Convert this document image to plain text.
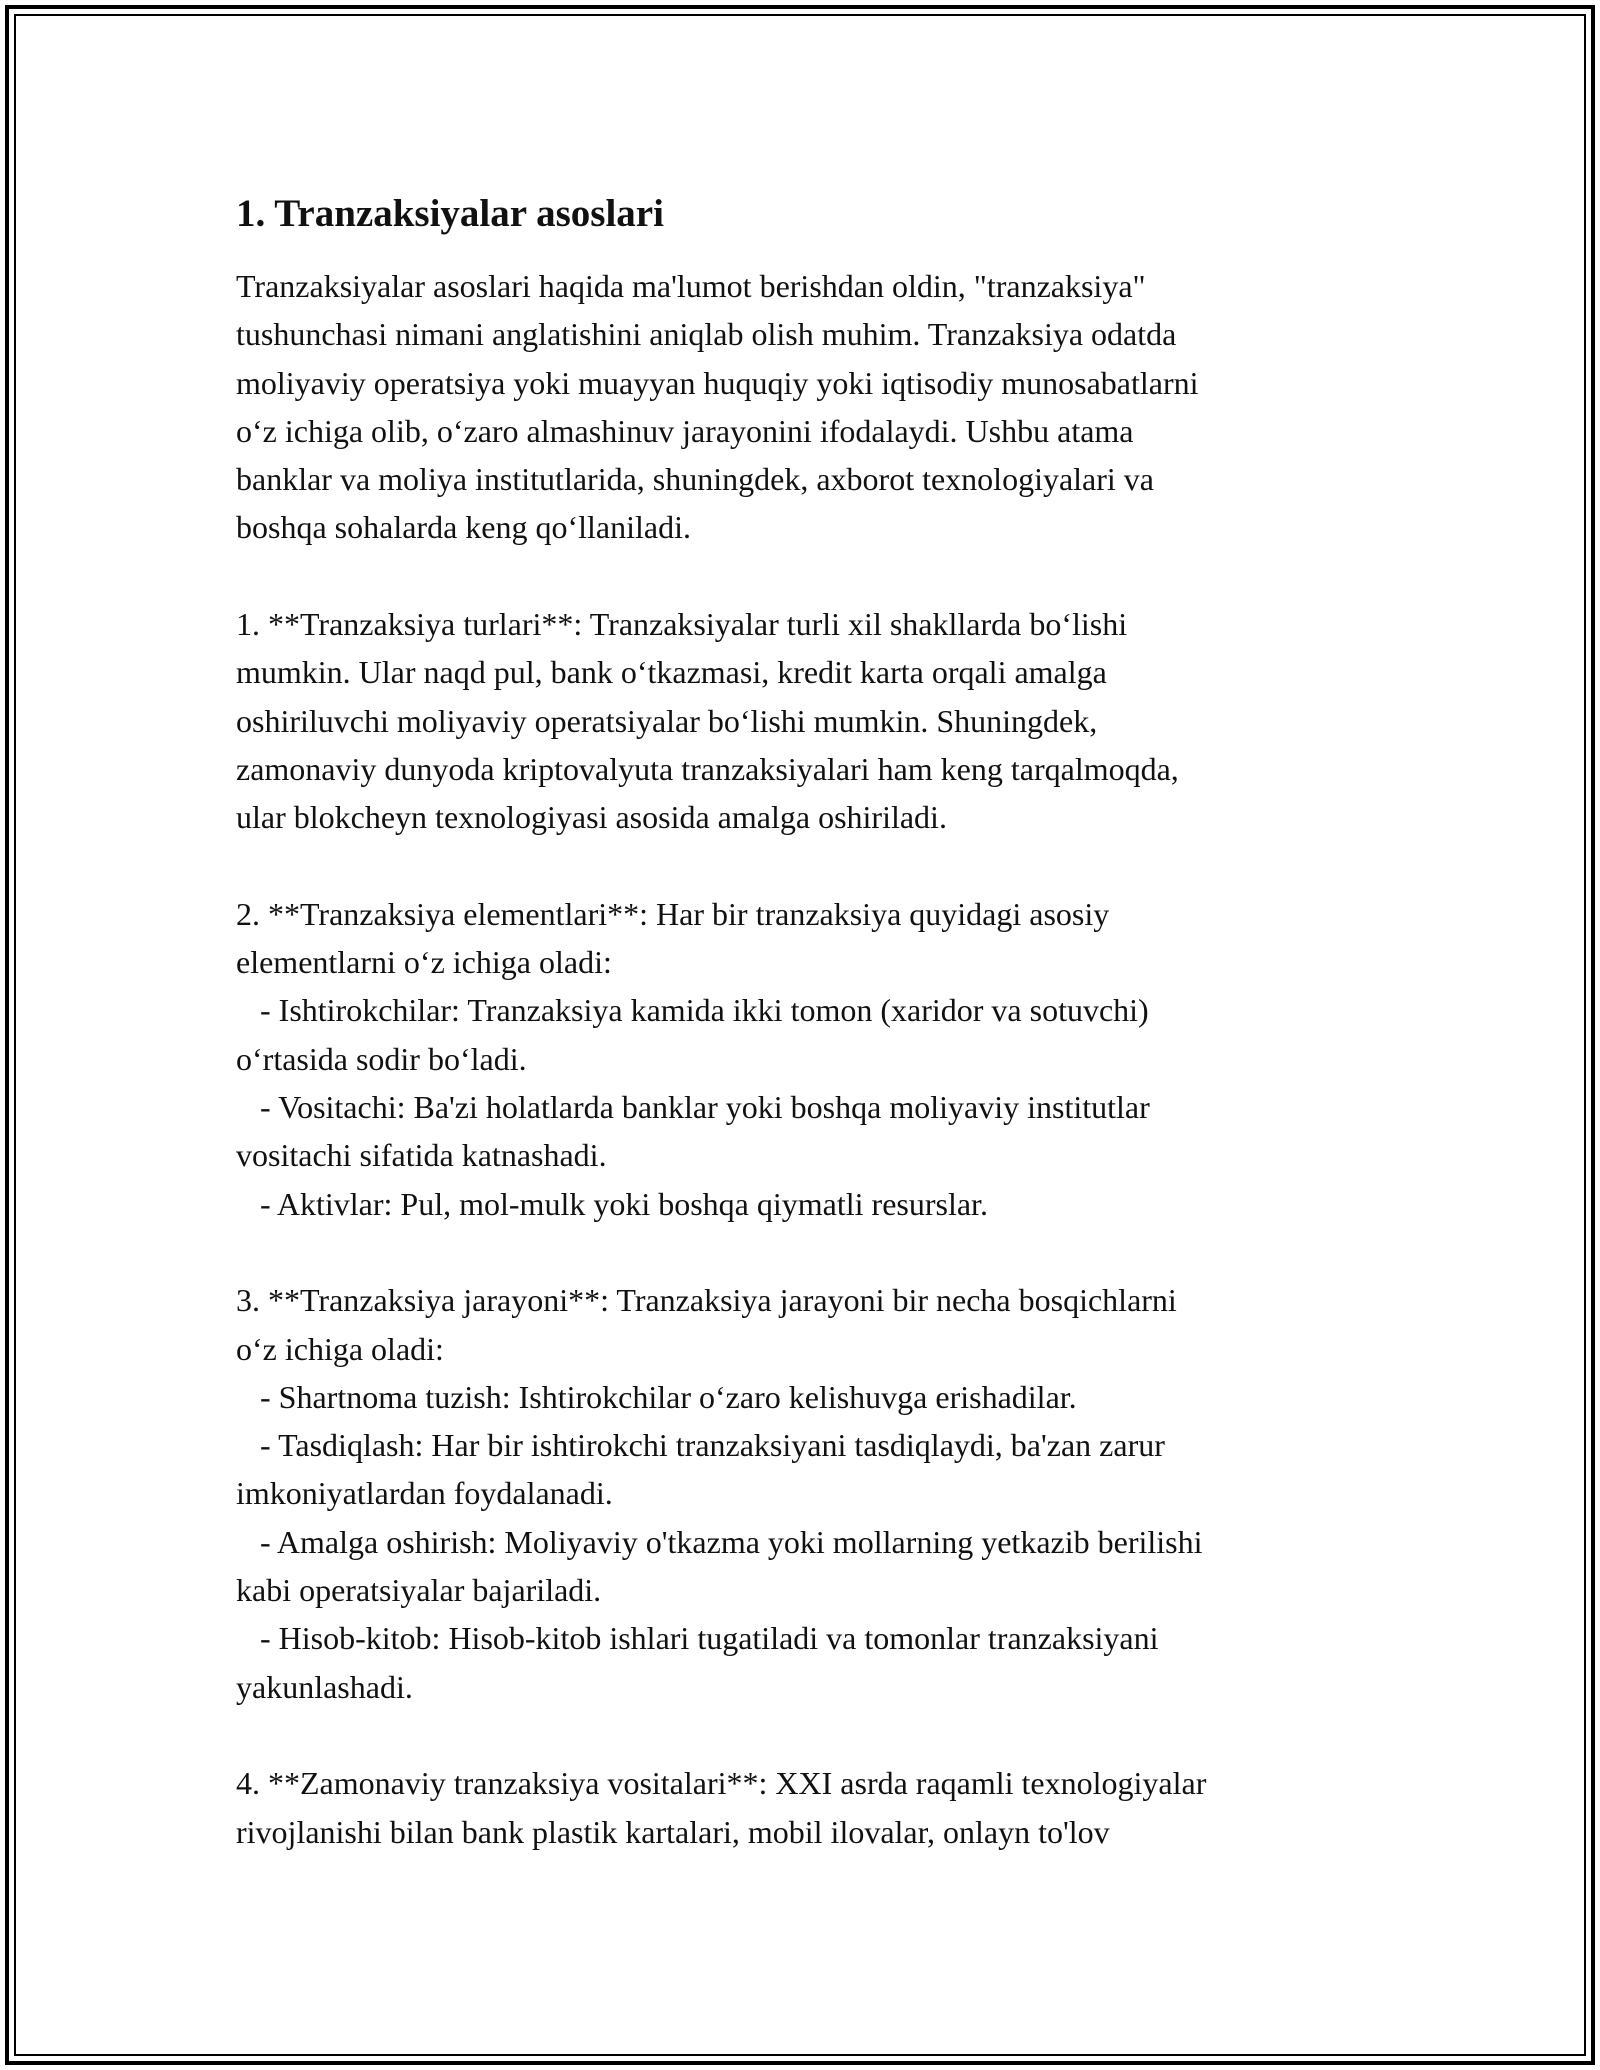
1. Tranzaksiyalar asoslari

Tranzaksiyalar asoslari haqida ma'lumot berishdan oldin, "tranzaksiya"
tushunchasi nimani anglatishini aniqlab olish muhim. Tranzaksiya odatda
moliyaviy operatsiya yoki muayyan huquqiy yoki iqtisodiy munosabatlarni
oʻz ichiga olib, oʻzaro almashinuv jarayonini ifodalaydi. Ushbu atama
banklar va moliya institutlarida, shuningdek, axborot texnologiyalari va
boshqa sohalarda keng qoʻllaniladi.

1. **Tranzaksiya turlari**: Tranzaksiyalar turli xil shakllarda boʻlishi
mumkin. Ular naqd pul, bank oʻtkazmasi, kredit karta orqali amalga
oshiriluvchi moliyaviy operatsiyalar boʻlishi mumkin. Shuningdek,
zamonaviy dunyoda kriptovalyuta tranzaksiyalari ham keng tarqalmoqda,
ular blokcheyn texnologiyasi asosida amalga oshiriladi.

2. **Tranzaksiya elementlari**: Har bir tranzaksiya quyidagi asosiy
elementlarni oʻz ichiga oladi:
- Ishtirokchilar: Tranzaksiya kamida ikki tomon (xaridor va sotuvchi)
oʻrtasida sodir boʻladi.
- Vositachi: Ba'zi holatlarda banklar yoki boshqa moliyaviy institutlar
vositachi sifatida katnashadi.
- Aktivlar: Pul, mol-mulk yoki boshqa qiymatli resurslar.

3. **Tranzaksiya jarayoni**: Tranzaksiya jarayoni bir necha bosqichlarni
oʻz ichiga oladi:
- Shartnoma tuzish: Ishtirokchilar oʻzaro kelishuvga erishadilar.
- Tasdiqlash: Har bir ishtirokchi tranzaksiyani tasdiqlaydi, ba'zan zarur
imkoniyatlardan foydalanadi.
- Amalga oshirish: Moliyaviy o'tkazma yoki mollarning yetkazib berilishi
kabi operatsiyalar bajariladi.
- Hisob-kitob: Hisob-kitob ishlari tugatiladi va tomonlar tranzaksiyani
yakunlashadi.

4. **Zamonaviy tranzaksiya vositalari**: XXI asrda raqamli texnologiyalar
rivojlanishi bilan bank plastik kartalari, mobil ilovalar, onlayn to'lov
